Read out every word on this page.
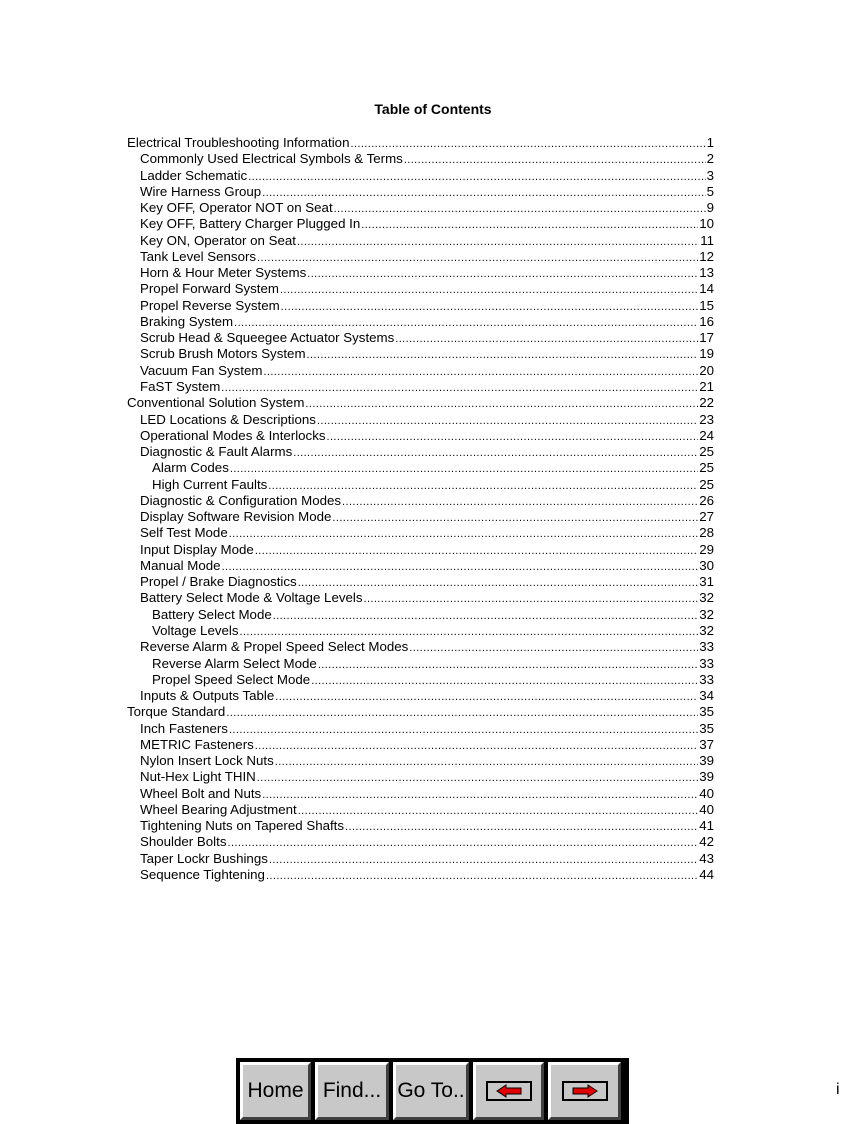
Table of Contents
Electrical Troubleshooting Information .....	1
Commonly Used Electrical Symbols & Terms .....	2
Ladder Schematic .....	3
Wire Harness Group .....	5
Key OFF, Operator NOT on Seat .....	9
Key OFF, Battery Charger Plugged In .....	10
Key ON, Operator on Seat .....	11
Tank Level Sensors .....	12
Horn & Hour Meter Systems .....	13
Propel Forward System .....	14
Propel Reverse System .....	15
Braking System .....	16
Scrub Head & Squeegee Actuator Systems .....	17
Scrub Brush Motors System .....	19
Vacuum Fan System .....	20
FaST System .....	21
Conventional Solution System .....	22
LED Locations & Descriptions .....	23
Operational Modes & Interlocks .....	24
Diagnostic & Fault Alarms .....	25
Alarm Codes .....	25
High Current Faults .....	25
Diagnostic & Configuration Modes .....	26
Display Software Revision Mode .....	27
Self Test Mode .....	28
Input Display Mode .....	29
Manual Mode .....	30
Propel / Brake Diagnostics .....	31
Battery Select Mode & Voltage Levels .....	32
Battery Select Mode .....	32
Voltage Levels .....	32
Reverse Alarm & Propel Speed Select Modes .....	33
Reverse Alarm Select Mode .....	33
Propel Speed Select Mode .....	33
Inputs & Outputs Table .....	34
Torque Standard .....	35
Inch Fasteners .....	35
METRIC Fasteners .....	37
Nylon Insert Lock Nuts .....	39
Nut-Hex Light THIN .....	39
Wheel Bolt and Nuts .....	40
Wheel Bearing Adjustment .....	40
Tightening Nuts on Tapered Shafts .....	41
Shoulder Bolts .....	42
Taper Lockr Bushings .....	43
Sequence Tightening .....	44
Home Find... Go To..	i
